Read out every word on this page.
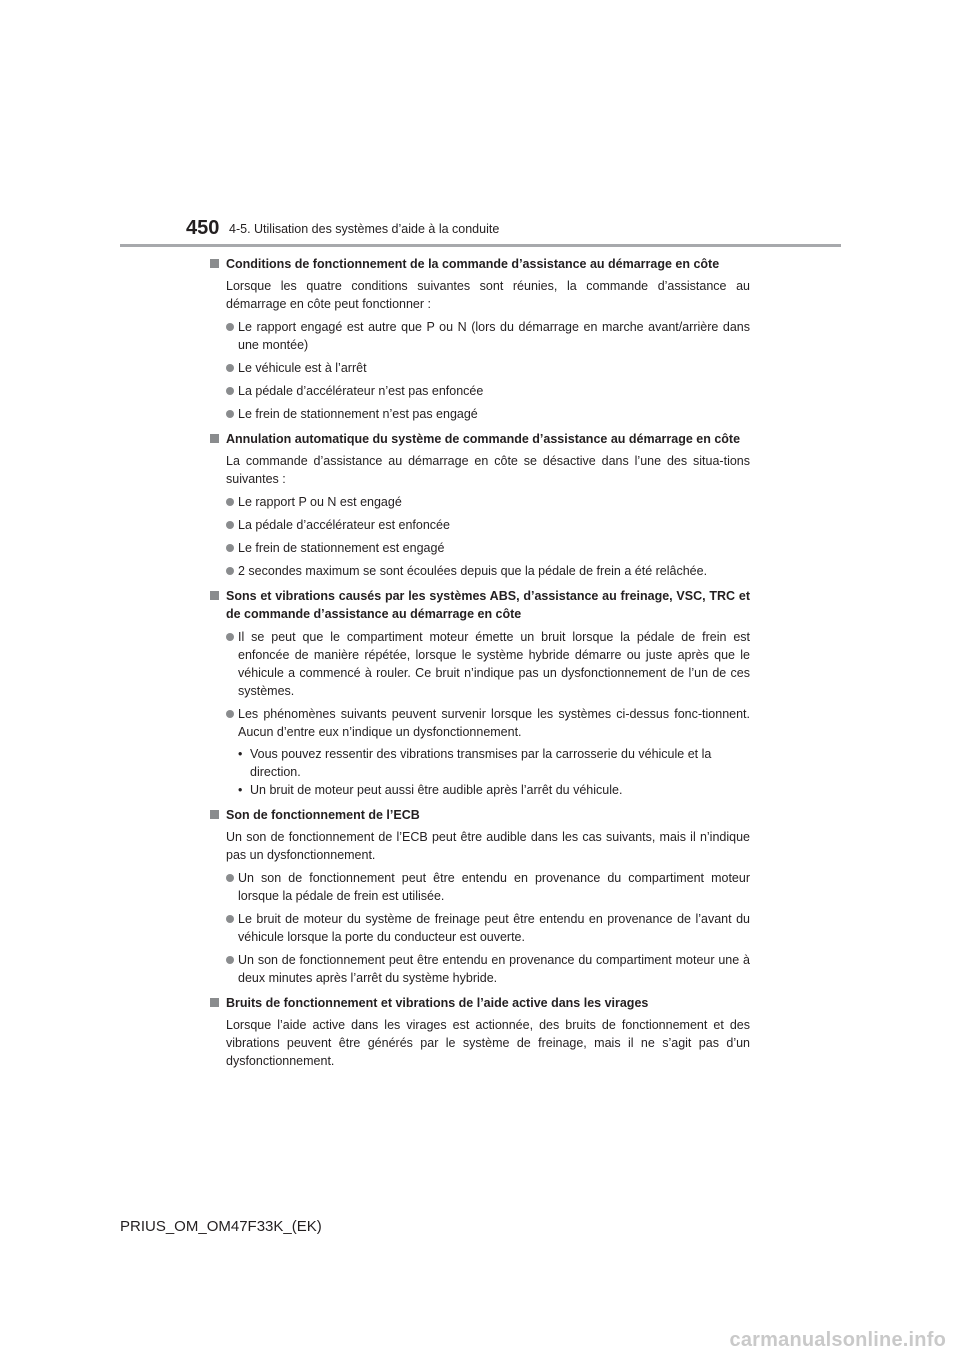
450 4-5. Utilisation des systèmes d’aide à la conduite
Conditions de fonctionnement de la commande d’assistance au démarrage en côte
Lorsque les quatre conditions suivantes sont réunies, la commande d’assistance au démarrage en côte peut fonctionner :
Le rapport engagé est autre que P ou N (lors du démarrage en marche avant/arrière dans une montée)
Le véhicule est à l’arrêt
La pédale d’accélérateur n’est pas enfoncée
Le frein de stationnement n’est pas engagé
Annulation automatique du système de commande d’assistance au démarrage en côte
La commande d’assistance au démarrage en côte se désactive dans l’une des situa-tions suivantes :
Le rapport P ou N est engagé
La pédale d’accélérateur est enfoncée
Le frein de stationnement est engagé
2 secondes maximum se sont écoulées depuis que la pédale de frein a été relâchée.
Sons et vibrations causés par les systèmes ABS, d’assistance au freinage, VSC, TRC et de commande d’assistance au démarrage en côte
Il se peut que le compartiment moteur émette un bruit lorsque la pédale de frein est enfoncée de manière répétée, lorsque le système hybride démarre ou juste après que le véhicule a commencé à rouler. Ce bruit n’indique pas un dysfonctionnement de l’un de ces systèmes.
Les phénomènes suivants peuvent survenir lorsque les systèmes ci-dessus fonc-tionnent. Aucun d’entre eux n’indique un dysfonctionnement.
• Vous pouvez ressentir des vibrations transmises par la carrosserie du véhicule et la direction.
• Un bruit de moteur peut aussi être audible après l’arrêt du véhicule.
Son de fonctionnement de l’ECB
Un son de fonctionnement de l’ECB peut être audible dans les cas suivants, mais il n’indique pas un dysfonctionnement.
Un son de fonctionnement peut être entendu en provenance du compartiment moteur lorsque la pédale de frein est utilisée.
Le bruit de moteur du système de freinage peut être entendu en provenance de l’avant du véhicule lorsque la porte du conducteur est ouverte.
Un son de fonctionnement peut être entendu en provenance du compartiment moteur une à deux minutes après l’arrêt du système hybride.
Bruits de fonctionnement et vibrations de l’aide active dans les virages
Lorsque l’aide active dans les virages est actionnée, des bruits de fonctionnement et des vibrations peuvent être générés par le système de freinage, mais il ne s’agit pas d’un dysfonctionnement.
PRIUS_OM_OM47F33K_(EK)
carmanualsonline.info
